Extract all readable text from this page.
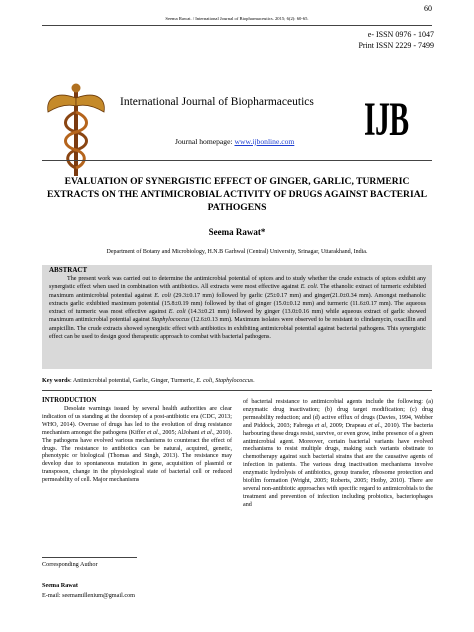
60
Seema Rawat. / International Journal of Biopharmaceutics. 2015; 6(2): 60-65.
e- ISSN 0976 - 1047
Print ISSN 2229 - 7499
International Journal of Biopharmaceutics
Journal homepage: www.ijbonline.com IJB
EVALUATION OF SYNERGISTIC EFFECT OF GINGER, GARLIC, TURMERIC EXTRACTS ON THE ANTIMICROBIAL ACTIVITY OF DRUGS AGAINST BACTERIAL PATHOGENS
Seema Rawat*
Department of Botany and Microbiology, H.N.B Garhwal (Central) University, Srinagar, Uttarakhand, India.
ABSTRACT
The present work was carried out to determine the antimicrobial potential of spices and to study whether the crude extracts of spices exhibit any synergistic effect when used in combination with antibiotics. All extracts were most effective against E. coli. The ethanolic extract of turmeric exhibited maximum antimicrobial potential against E. coli (29.3±0.17 mm) followed by garlic (25±0.17 mm) and ginger(21.0±0.34 mm). Amongst methanolic extracts garlic exhibited maximum potential (15.8±0.19 mm) followed by that of ginger (15.0±0.12 mm) and turmeric (11.6±0.17 mm). The aqueous extract of turmeric was most effective against E. coli (14.3±0.21 mm) followed by ginger (13.0±0.16 mm) while aqueous extract of garlic showed maximum antimicrobial potential against Staphylococcus (12.6±0.13 mm). Maximum isolates were observed to be resistant to clindamycin, oxacillin and ampicillin. The crude extracts showed synergistic effect with antibiotics in exhibiting antimicrobial potential against bacterial pathogens. This synergistic effect can be used to design good therapeutic approach to combat with bacterial pathogens.
Key words: Antimicrobial potential, Garlic, Ginger, Turmeric, E. coli, Staphylococcus.
INTRODUCTION
Desolate warnings issued by several health authorities are clear indication of us standing at the doorstep of a post-antibiotic era (CDC, 2013; WHO, 2014). Overuse of drugs has led to the evolution of drug resistance mechanism amongst the pathogens (Kiffer et al., 2005; AlJohani et al., 2010). The pathogens have evolved various mechanisms to counteract the effect of drugs. The resistance to antibiotics can be natural, acquired, genetic, phenotypic or biological (Thomas and Singh, 2013). The resistance may develop due to spontaneous mutation in gene, acquisition of plasmid or transposon, change in the physiological state of bacterial cell or reduced permeability of cell. Major mechanisms
of bacterial resistance to antimicrobial agents include the following: (a) enzymatic drug inactivation; (b) drug target modification; (c) drug permeability reduction; and (d) active efflux of drugs (Davies, 1994, Webber and Piddock, 2003; Fabrega et al, 2009; Drapeau et al., 2010). The bacteria harbouring these drugs resist, survive, or even grow, inthe presence of a given antimicrobial agent. Moreover, certain bacterial variants have evolved mechanisms to resist multiple drugs, making such variants obstinate to chemotherapy against such bacterial strains that are the causative agents of infection in patients. The various drug inactivation mechanisms involve enzymatic hydrolysis of antibiotics, group transfer, ribosome protection and biofilm formation (Wright, 2005; Roberts, 2005; Hoiby, 2010). There are several non-antibiotic approaches with specific regard to antimicrobials to the treatment and prevention of infection including probiotics, bacteriophages and
Corresponding Author
Seema Rawat
E-mail: seemamillenium@gmail.com
